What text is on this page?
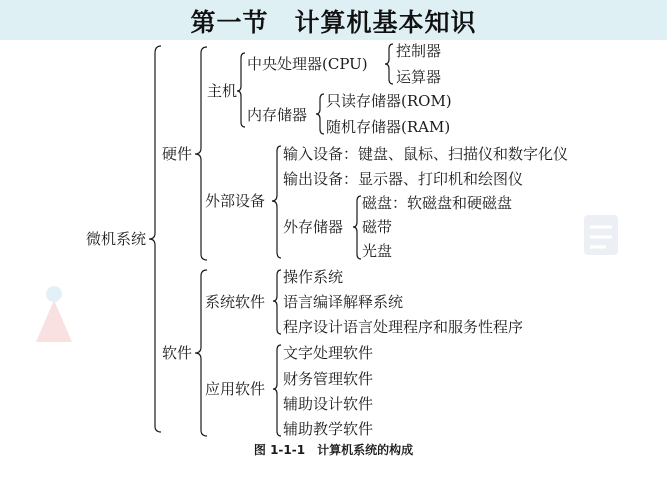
第一节　计算机基本知识
微机系统
硬件
主机
中央处理器(CPU)
控制器
运算器
内存储器
只读存储器(ROM)
随机存储器(RAM)
外部设备
输入设备：键盘、鼠标、扫描仪和数字化仪
输出设备：显示器、打印机和绘图仪
外存储器
磁盘：软磁盘和硬磁盘
磁带
光盘
软件
系统软件
操作系统
语言编译解释系统
程序设计语言处理程序和服务性程序
应用软件
文字处理软件
财务管理软件
辅助设计软件
辅助教学软件
图 1-1-1　计算机系统的构成
